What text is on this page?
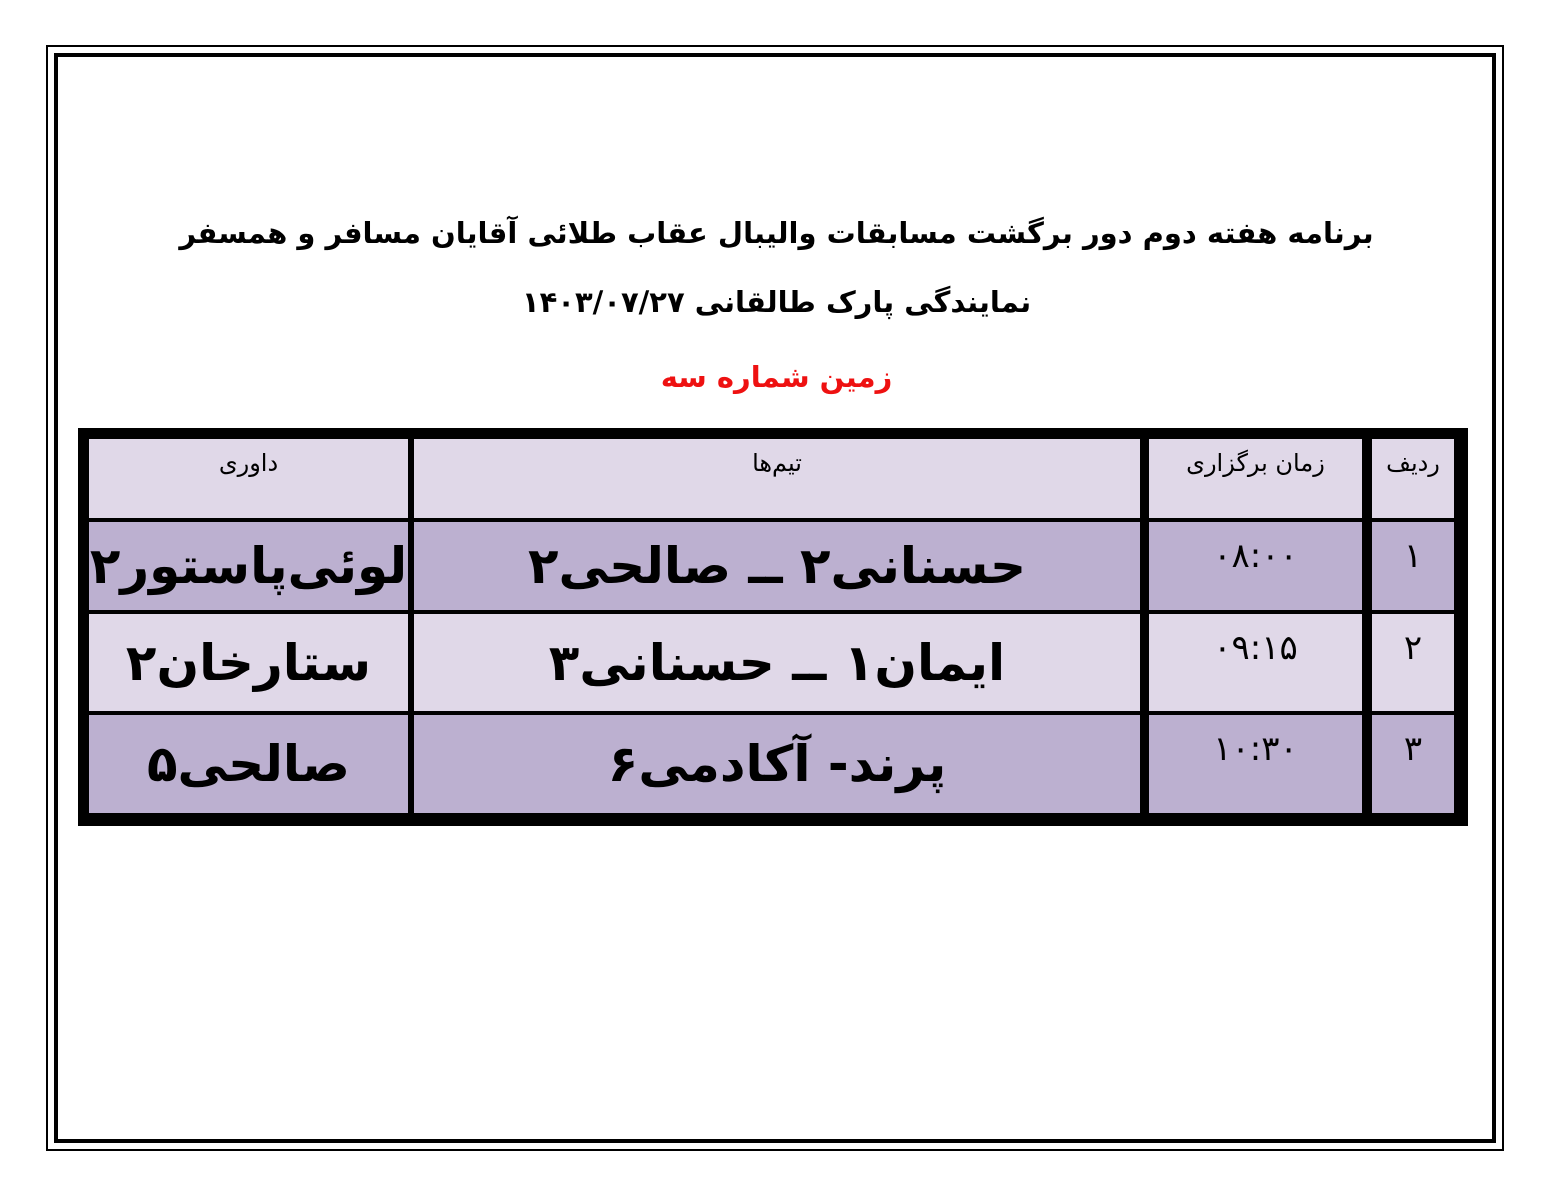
برنامه هفته دوم دور برگشت مسابقات والیبال عقاب طلائی آقایان مسافر و همسفر
نمایندگی پارک طالقانی ۱۴۰۳/۰۷/۲۷
زمین شماره سه
ردیف
زمان برگزاری
تیم‌ها
داوری
۱
۰۸:۰۰
حسنانی۲ ــ صالحی۲
لوئی‌پاستور۲
۲
۰۹:۱۵
ایمان۱ ــ حسنانی۳
ستارخان۲
۳
۱۰:۳۰
پرند- آکادمی۶
صالحی۵
